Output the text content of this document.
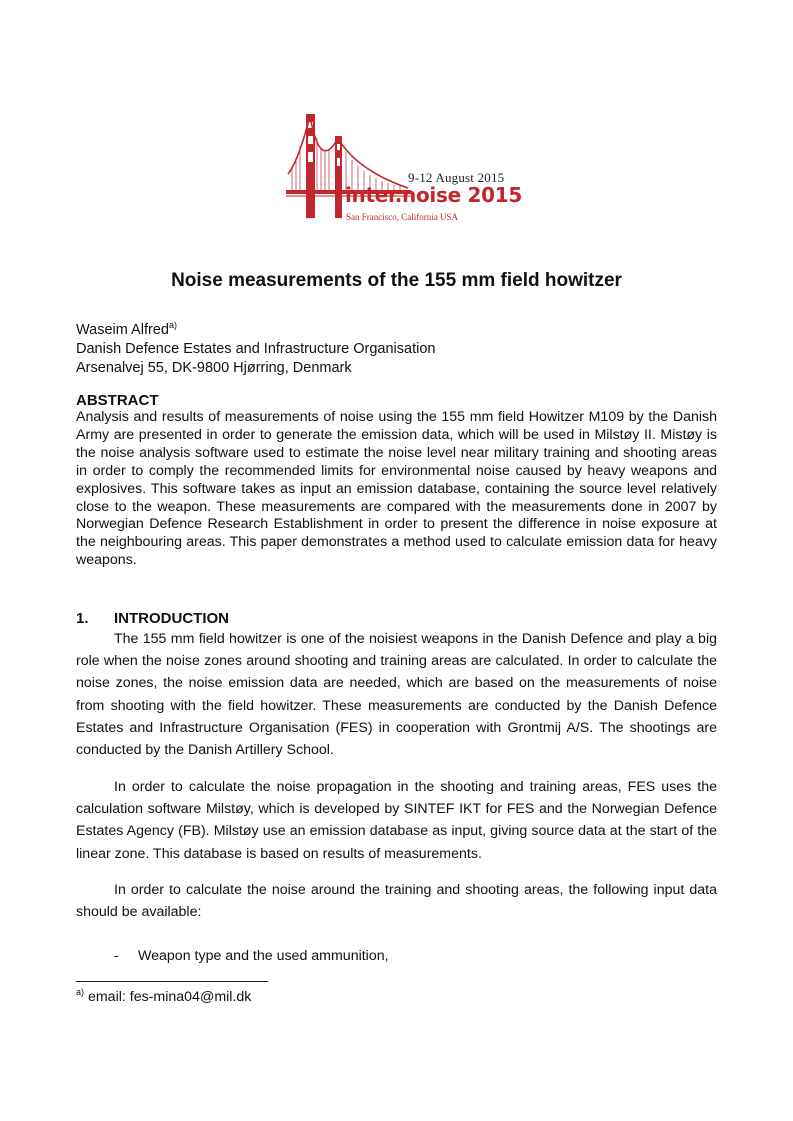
9-12 August 2015
inter.noise 2015
San Francisco, California USA
Noise measurements of the 155 mm field howitzer
Waseim Alfred$^{a)}$
Danish Defence Estates and Infrastructure Organisation
Arsenalvej 55, DK-9800 Hjørring, Denmark
ABSTRACT

Analysis and results of measurements of noise using the 155 mm field Howitzer M109 by the Danish Army are presented in order to generate the emission data, which will be used in Milstøy II. Mistøy is the noise analysis software used to estimate the noise level near military training and shooting areas in order to comply the recommended limits for environmental noise caused by heavy weapons and explosives. This software takes as input an emission database, containing the source level relatively close to the weapon. These measurements are compared with the measurements done in 2007 by Norwegian Defence Research Establishment in order to present the difference in noise exposure at the neighbouring areas. This paper demonstrates a method used to calculate emission data for heavy weapons.

1. INTRODUCTION

The 155 mm field howitzer is one of the noisiest weapons in the Danish Defence and play a big role when the noise zones around shooting and training areas are calculated. In order to calculate the noise zones, the noise emission data are needed, which are based on the measurements of noise from shooting with the field howitzer. These measurements are conducted by the Danish Defence Estates and Infrastructure Organisation (FES) in cooperation with Grontmij A/S. The shootings are conducted by the Danish Artillery School.

In order to calculate the noise propagation in the shooting and training areas, FES uses the calculation software Milstøy, which is developed by SINTEF IKT for FES and the Norwegian Defence Estates Agency (FB). Milstøy use an emission database as input, giving source data at the start of the linear zone. This database is based on results of measurements.

In order to calculate the noise around the training and shooting areas, the following input data should be available:

- Weapon type and the used ammunition,
$^{a)}$ email: fes-mina04@mil.dk
